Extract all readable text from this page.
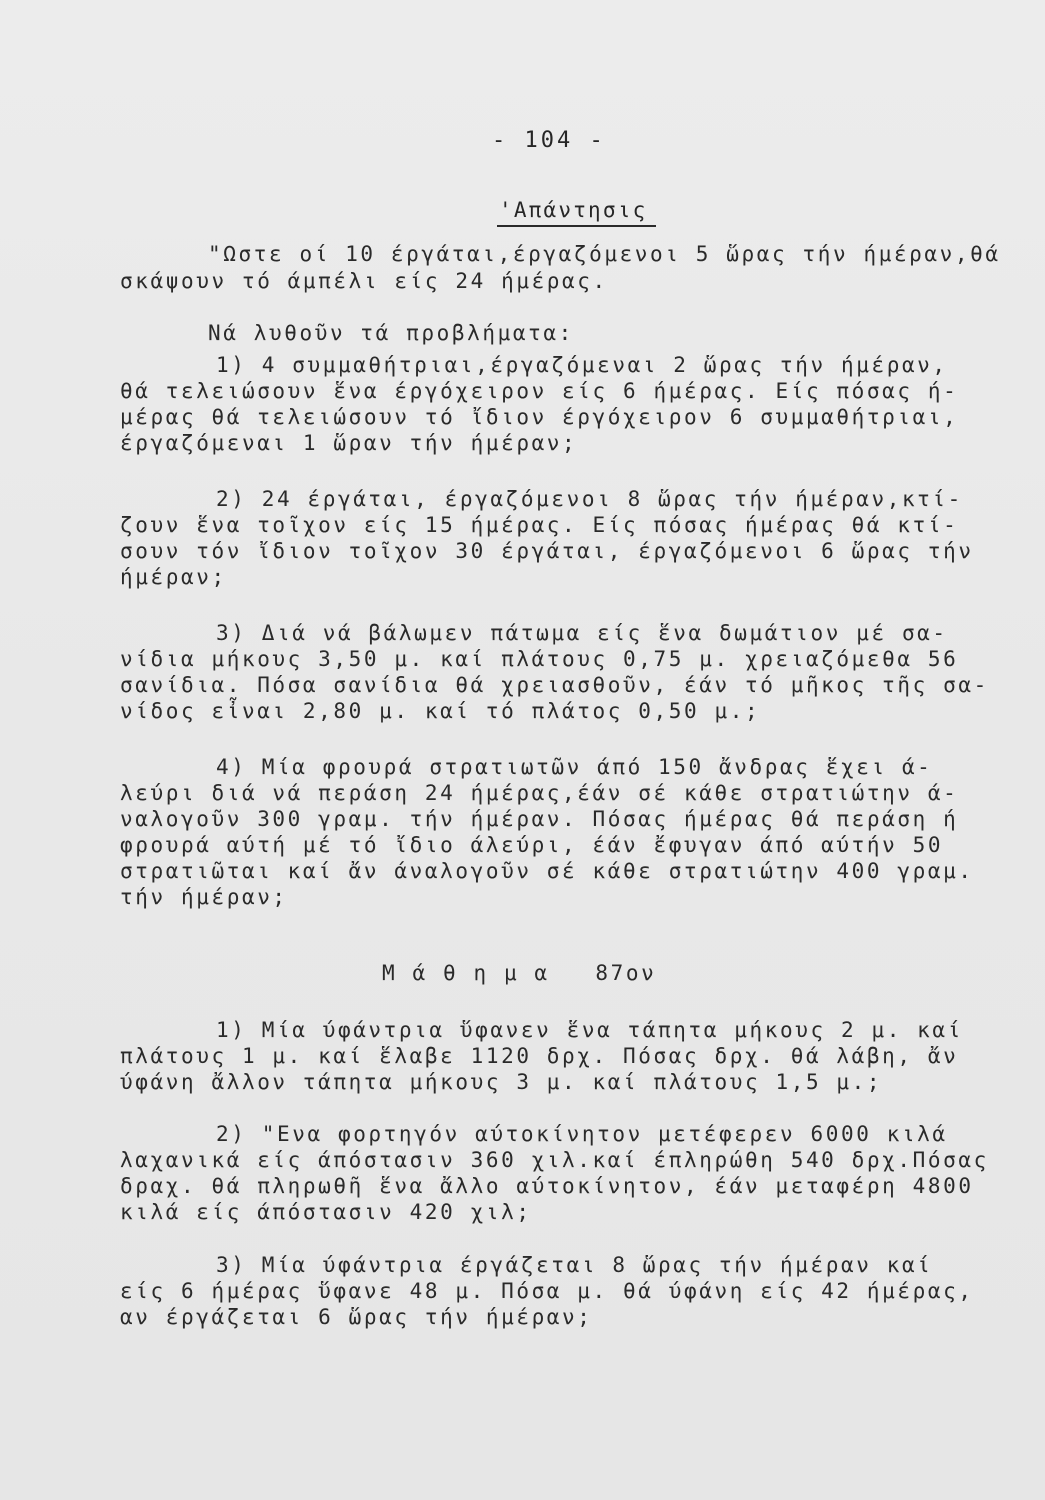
- 104 -
'Απάντησις
"Ωστε οί 10 έργάται,έργαζόμενοι 5 ὥρας τήν ήμέραν,θά
σκάψουν τό άμπέλι είς 24 ήμέρας.
Νά λυθοῦν τά προβλήματα:
1) 4 συμμαθήτριαι,έργαζόμεναι 2 ὥρας τήν ήμέραν,
θά τελειώσουν ἕνα έργόχειρον είς 6 ήμέρας. Είς πόσας ή-
μέρας θά τελειώσουν τό ἴδιον έργόχειρον 6 συμμαθήτριαι,
έργαζόμεναι 1 ὥραν τήν ήμέραν;
2) 24 έργάται, έργαζόμενοι 8 ὥρας τήν ήμέραν,κτί-
ζουν ἕνα τοῖχον είς 15 ήμέρας. Είς πόσας ήμέρας θά κτί-
σουν τόν ἴδιον τοῖχον 30 έργάται, έργαζόμενοι 6 ὥρας τήν
ήμέραν;
3) Διά νά βάλωμεν πάτωμα είς ἕνα δωμάτιον μέ σα-
νίδια μήκους 3,50 μ. καί πλάτους 0,75 μ. χρειαζόμεθα 56
σανίδια. Πόσα σανίδια θά χρειασθοῦν, έάν τό μῆκος τῆς σα-
νίδος εἶναι 2,80 μ. καί τό πλάτος 0,50 μ.;
4) Μία φρουρά στρατιωτῶν άπό 150 ἄνδρας ἕχει ά-
λεύρι διά νά περάση 24 ήμέρας,έάν σέ κάθε στρατιώτην ά-
ναλογοῦν 300 γραμ. τήν ήμέραν. Πόσας ήμέρας θά περάση ή
φρουρά αύτή μέ τό ἴδιο άλεύρι, έάν ἔφυγαν άπό αύτήν 50
στρατιῶται καί ἄν άναλογοῦν σέ κάθε στρατιώτην 400 γραμ.
τήν ήμέραν;
Μ ά θ η μ α   87ον
1) Μία ύφάντρια ὕφανεν ἕνα τάπητα μήκους 2 μ. καί
πλάτους 1 μ. καί ἕλαβε 1120 δρχ. Πόσας δρχ. θά λάβη, ἄν
ύφάνη ἄλλον τάπητα μήκους 3 μ. καί πλάτους 1,5 μ.;
2) "Ενα φορτηγόν αύτοκίνητον μετέφερεν 6000 κιλά
λαχανικά είς άπόστασιν 360 χιλ.καί έπληρώθη 540 δρχ.Πόσας
δραχ. θά πληρωθῆ ἕνα ἄλλο αύτοκίνητον, έάν μεταφέρη 4800
κιλά είς άπόστασιν 420 χιλ;
3) Μία ύφάντρια έργάζεται 8 ὥρας τήν ήμέραν καί
είς 6 ήμέρας ὕφανε 48 μ. Πόσα μ. θά ύφάνη είς 42 ήμέρας,
αν έργάζεται 6 ὥρας τήν ήμέραν;
